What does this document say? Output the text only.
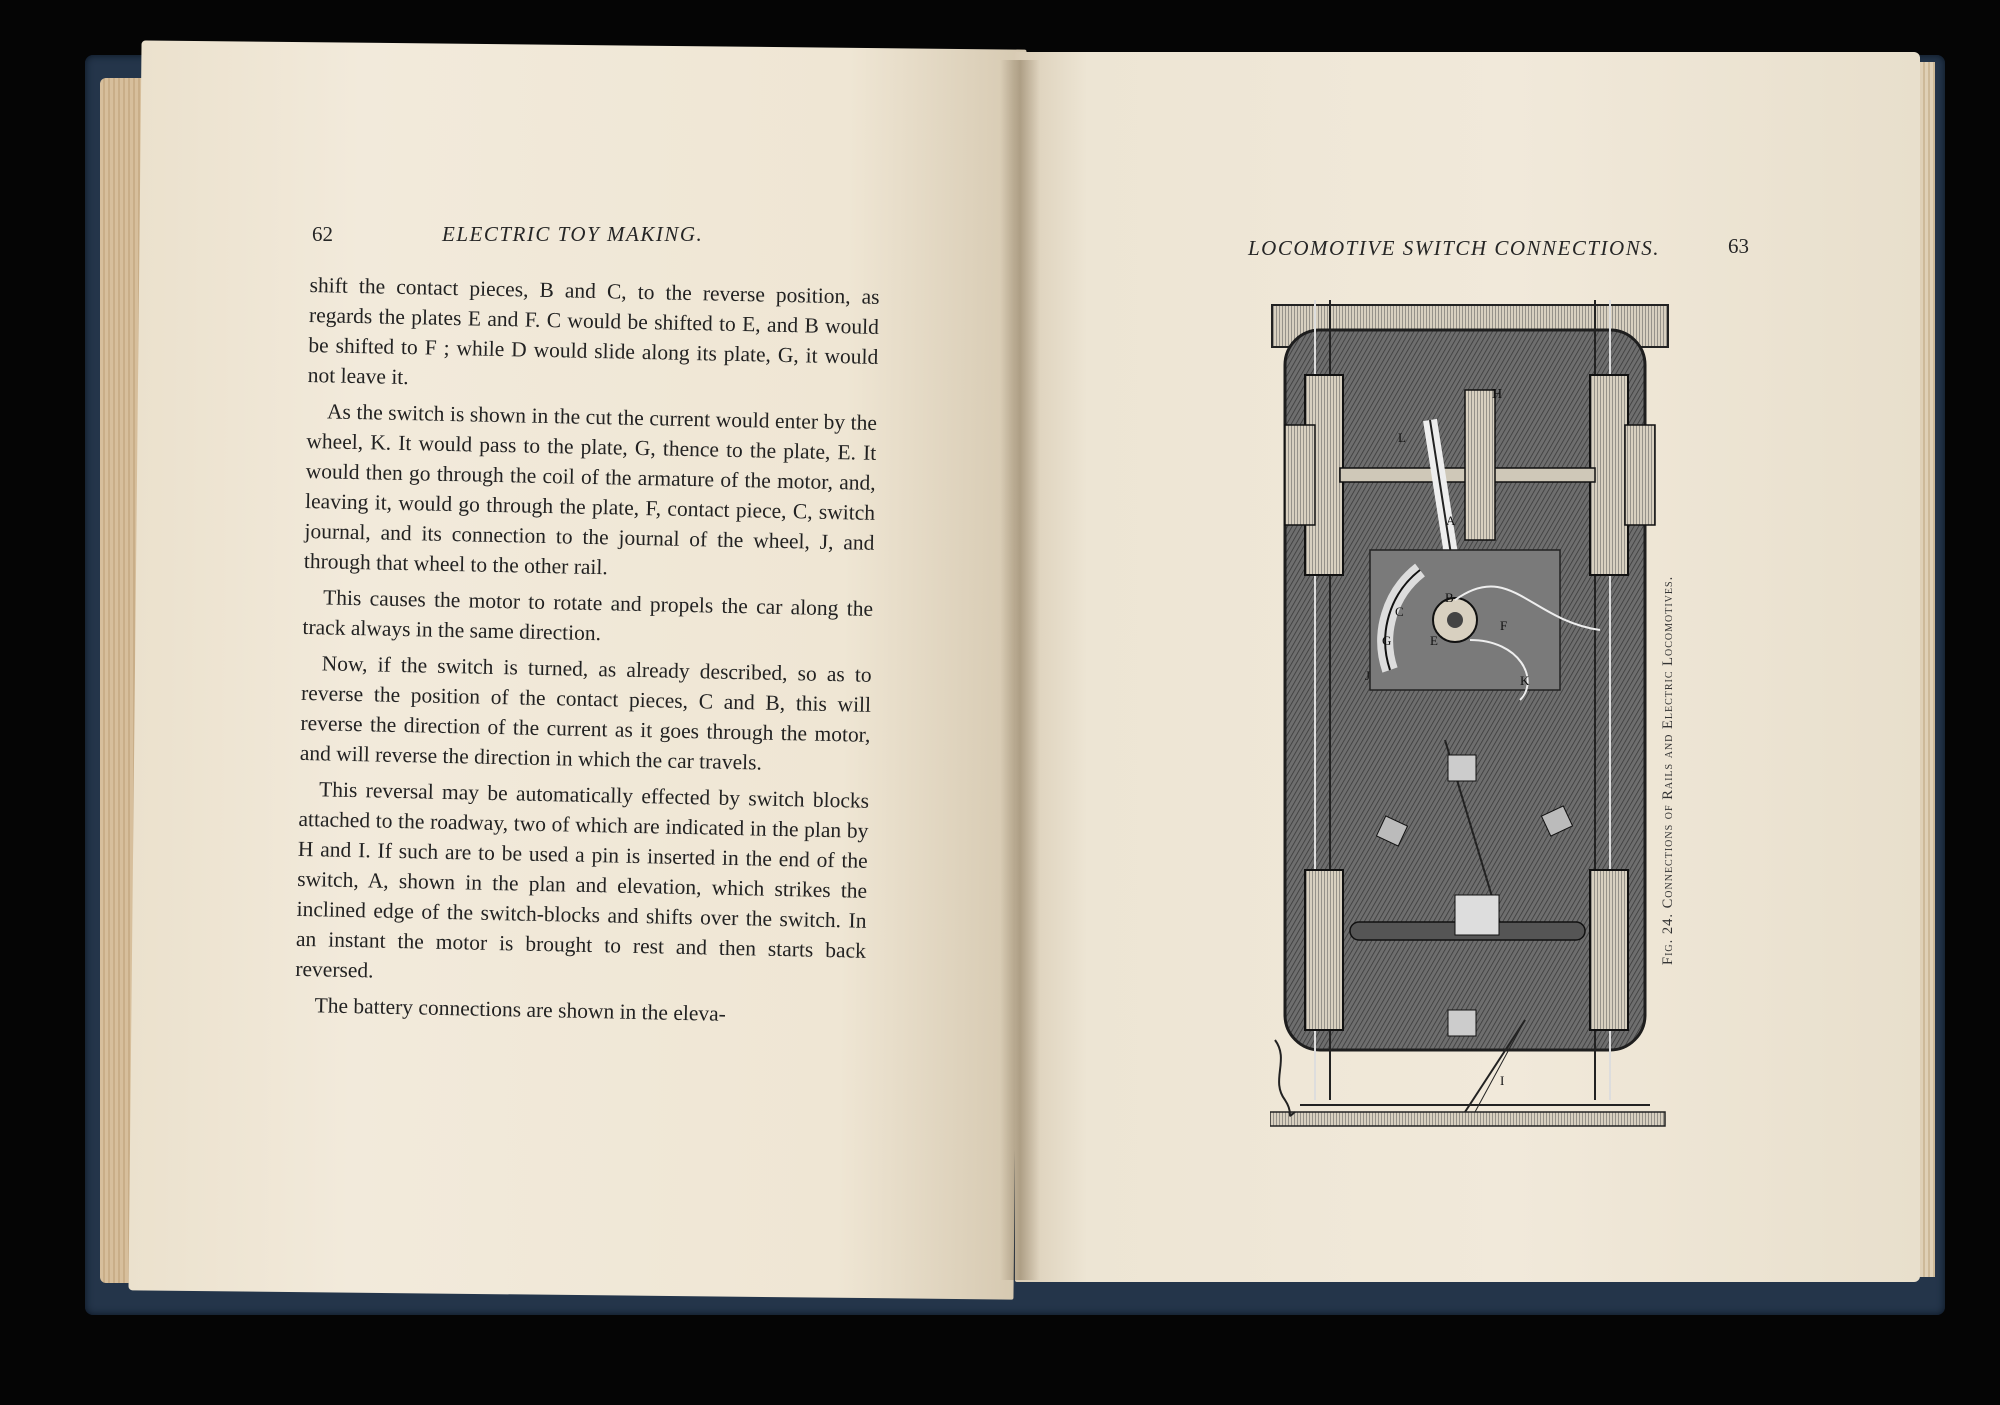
62	ELECTRIC TOY MAKING.

shift the contact pieces, B and C, to the reverse position, as regards the plates E and F. C would be shifted to E, and B would be shifted to F ; while D would slide along its plate, G, it would not leave it.

As the switch is shown in the cut the current would enter by the wheel, K. It would pass to the plate, G, thence to the plate, E. It would then go through the coil of the armature of the motor, and, leaving it, would go through the plate, F, contact piece, C, switch journal, and its connection to the journal of the wheel, J, and through that wheel to the other rail.

This causes the motor to rotate and propels the car along the track always in the same direction.

Now, if the switch is turned, as already described, so as to reverse the position of the contact pieces, C and B, this will reverse the direction of the current as it goes through the motor, and will reverse the direction in which the car travels.

This reversal may be automatically effected by switch blocks attached to the roadway, two of which are indicated in the plan by H and I. If such are to be used a pin is inserted in the end of the switch, A, shown in the plan and elevation, which strikes the inclined edge of the switch-blocks and shifts over the switch. In an instant the motor is brought to rest and then starts back reversed.

The battery connections are shown in the eleva-

LOCOMOTIVE SWITCH CONNECTIONS.	63
H
L
A
C
B
E
F
G
J	K
I
Fig. 24. Connections of Rails and Electric Locomotives.
